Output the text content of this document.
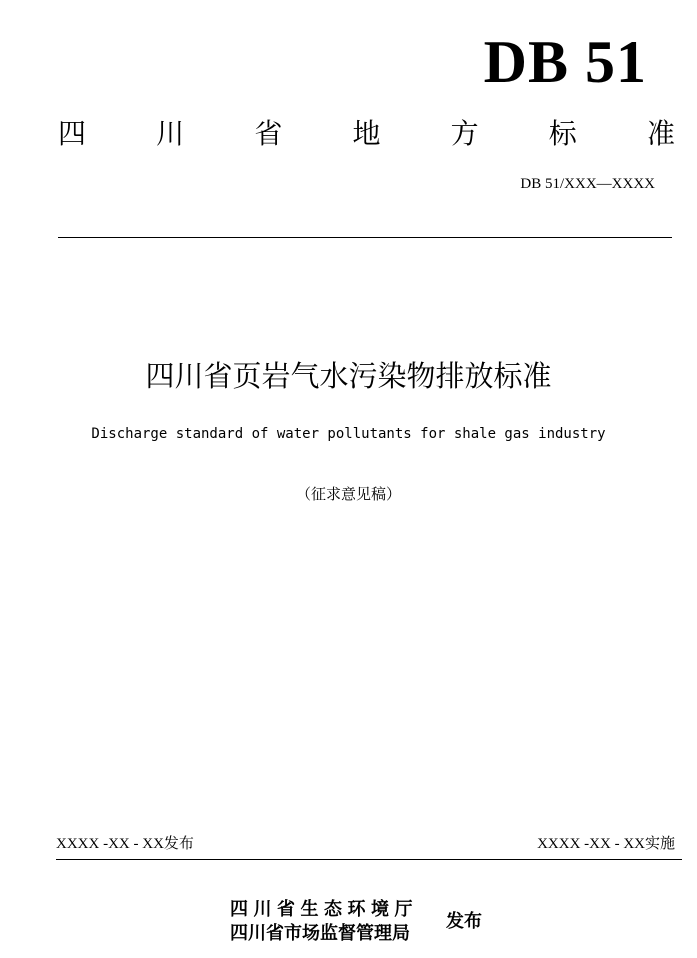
DB 51
四	川	省	地	方	标	准
DB 51/XXX—XXXX
四川省页岩气水污染物排放标准
Discharge standard of water pollutants for shale gas industry
（征求意见稿）
XXXX -XX - XX发布	XXXX -XX - XX实施
四川省生态环境厅
四川省市场监督管理局
发布
